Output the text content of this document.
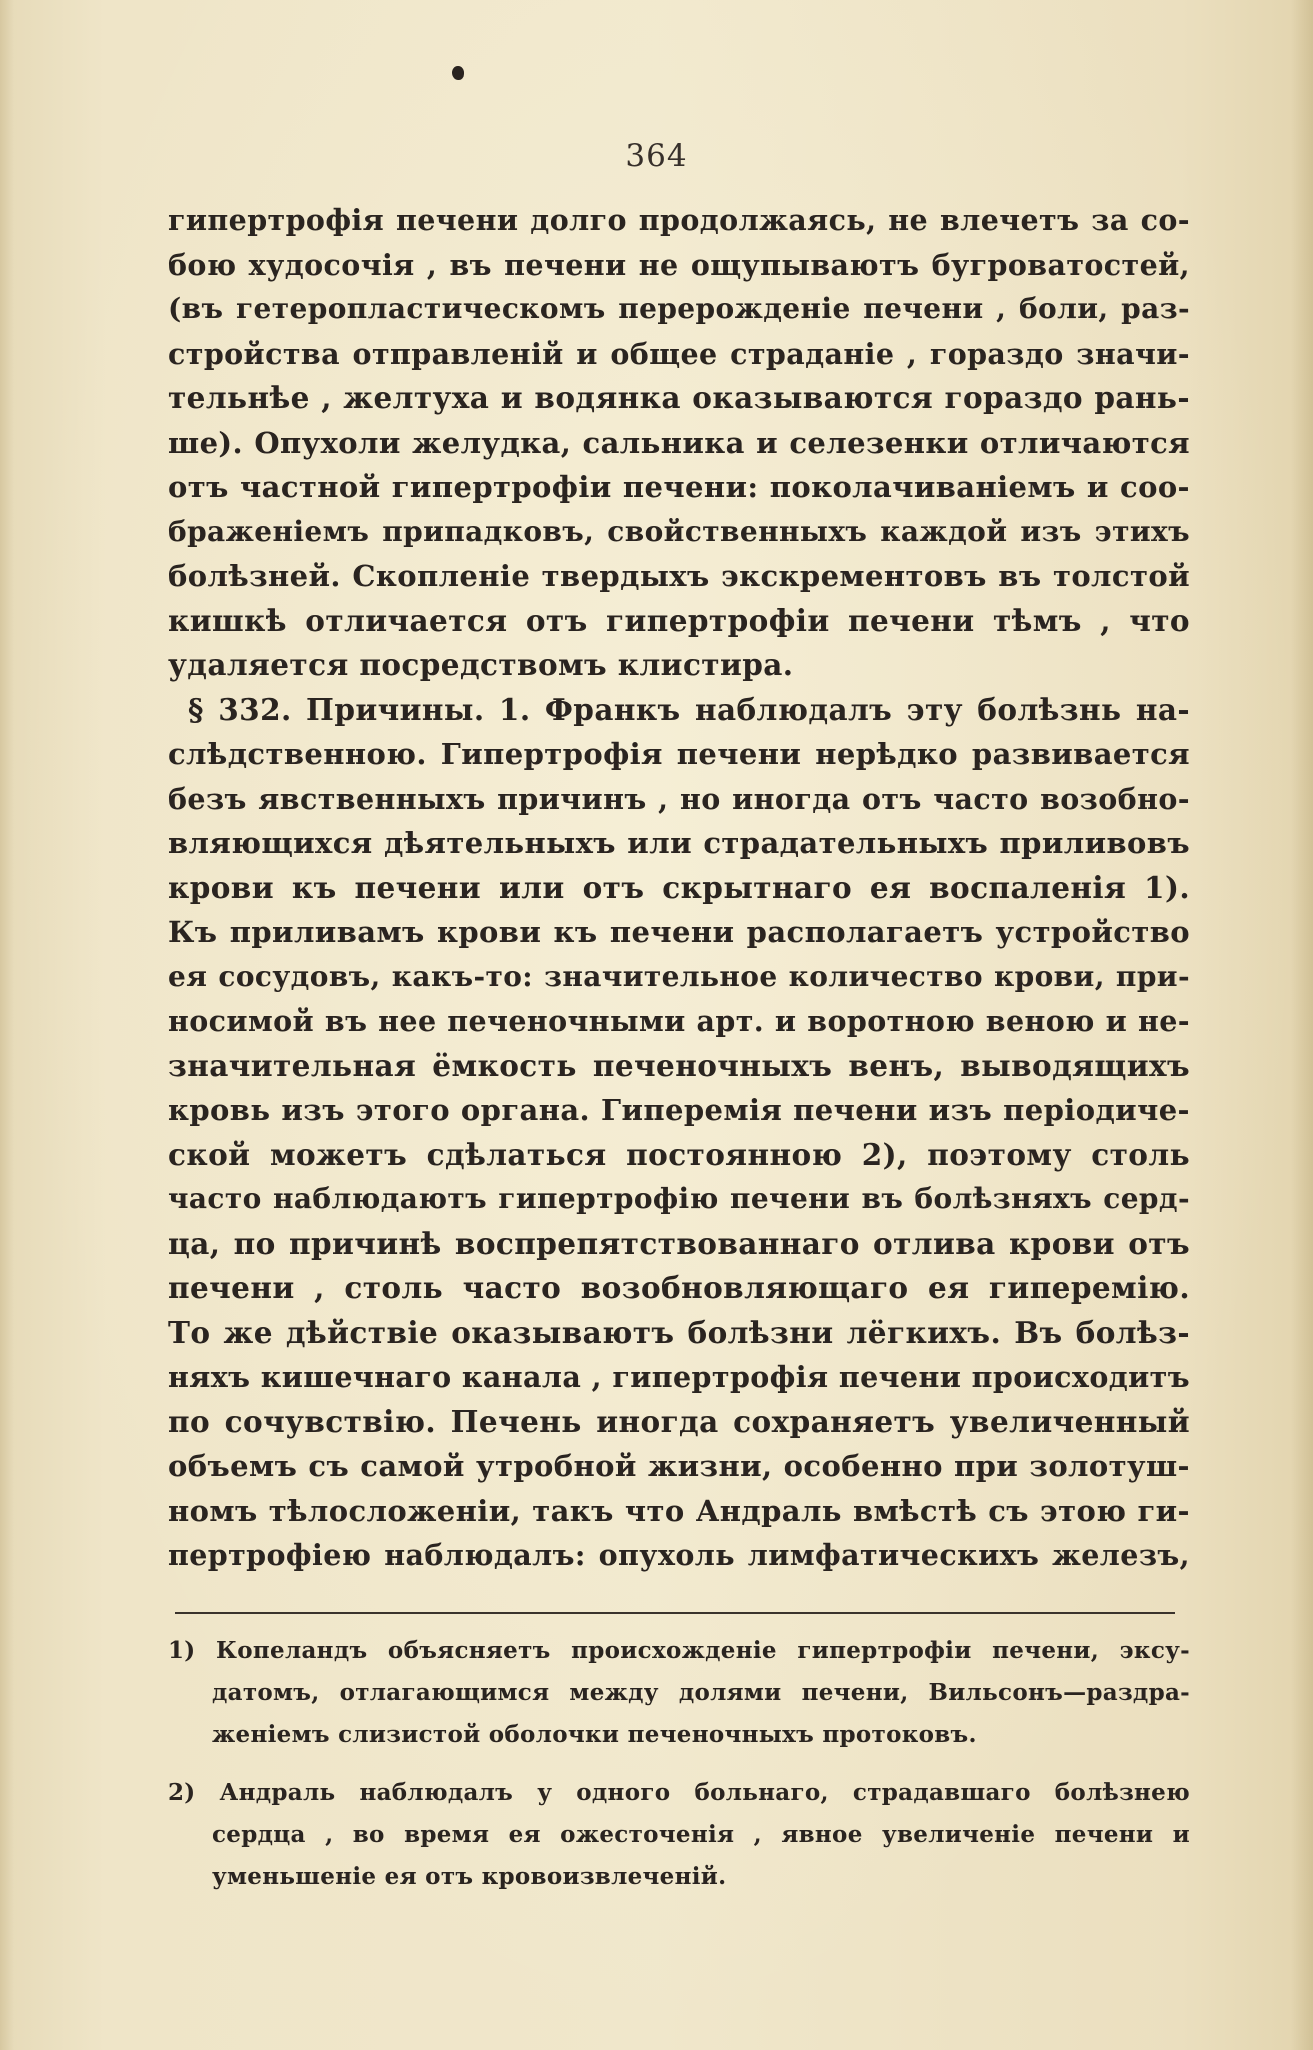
364
гипертрофія печени долго продолжаясь, не влечетъ за со-
бою худосочія , въ печени не ощупываютъ бугроватостей,
(въ гетеропластическомъ перерожденіе печени , боли, раз-
стройства отправленій и общее страданіе , гораздо значи-
тельнѣе , желтуха и водянка оказываются гораздо рань-
ше). Опухоли желудка, сальника и селезенки отличаются
отъ частной гипертрофіи печени: поколачиваніемъ и соо-
браженіемъ припадковъ, свойственныхъ каждой изъ этихъ
болѣзней. Скопленіе твердыхъ экскрементовъ въ толстой
кишкѣ отличается отъ гипертрофіи печени тѣмъ , что
удаляется посредствомъ клистира.
§ 332. Причины. 1. Франкъ наблюдалъ эту болѣзнь на-
слѣдственною. Гипертрофія печени нерѣдко развивается
безъ явственныхъ причинъ , но иногда отъ часто возобно-
вляющихся дѣятельныхъ или страдательныхъ приливовъ
крови къ печени или отъ скрытнаго ея воспаленія 1).
Къ приливамъ крови къ печени располагаетъ устройство
ея сосудовъ, какъ-то: значительное количество крови, при-
носимой въ нее печеночными арт. и воротною веною и не-
значительная ёмкость печеночныхъ венъ, выводящихъ
кровь изъ этого органа. Гиперемія печени изъ періодиче-
ской можетъ сдѣлаться постоянною 2), поэтому столь
часто наблюдаютъ гипертрофію печени въ болѣзняхъ серд-
ца, по причинѣ воспрепятствованнаго отлива крови отъ
печени , столь часто возобновляющаго ея гиперемію.
То же дѣйствіе оказываютъ болѣзни лёгкихъ. Въ болѣз-
няхъ кишечнаго канала , гипертрофія печени происходитъ
по сочувствію. Печень иногда сохраняетъ увеличенный
объемъ съ самой утробной жизни, особенно при золотуш-
номъ тѣлосложеніи, такъ что Андраль вмѣстѣ съ этою ги-
пертрофіею наблюдалъ: опухоль лимфатическихъ железъ,
1) Копеландъ объясняетъ происхожденіе гипертрофіи печени, эксу-
датомъ, отлагающимся между долями печени, Вильсонъ—раздра-
женіемъ слизистой оболочки печеночныхъ протоковъ.
2) Андраль наблюдалъ у одного больнаго, страдавшаго болѣзнею
сердца , во время ея ожесточенія , явное увеличеніе печени и
уменьшеніе ея отъ кровоизвлеченій.
